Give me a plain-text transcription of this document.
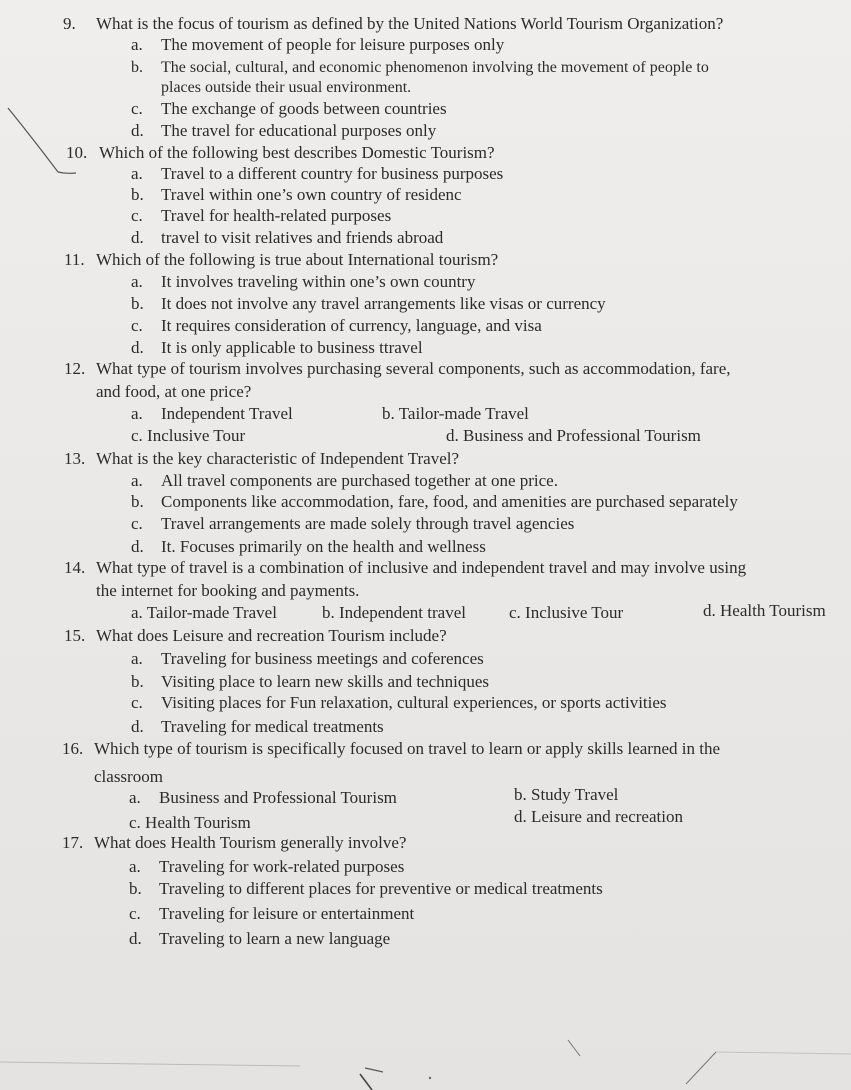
9. What is the focus of tourism as defined by the United Nations World Tourism Organization?
a. The movement of people for leisure purposes only
b. The social, cultural, and economic phenomenon involving the movement of people to
places outside their usual environment.
c. The exchange of goods between countries
d. The travel for educational purposes only
10. Which of the following best describes Domestic Tourism?
a. Travel to a different country for business purposes
b. Travel within one’s own country of residenc
c. Travel for health-related purposes
d. travel to visit relatives and friends abroad
11. Which of the following is true about International tourism?
a. It involves traveling within one’s own country
b. It does not involve any travel arrangements like visas or currency
c. It requires consideration of currency, language, and visa
d. It is only applicable to business ttravel
12. What type of tourism involves purchasing several components, such as accommodation, fare,
and food, at one price?
a. Independent Travel	b. Tailor-made Travel
c. Inclusive Tour	d. Business and Professional Tourism
13. What is the key characteristic of Independent Travel?
a. All travel components are purchased together at one price.
b. Components like accommodation, fare, food, and amenities are purchased separately
c. Travel arrangements are made solely through travel agencies
d. It. Focuses primarily on the health and wellness
14. What type of travel is a combination of inclusive and independent travel and may involve using
the internet for booking and payments.
a. Tailor-made Travel	b. Independent travel	c. Inclusive Tour	d. Health Tourism
15. What does Leisure and recreation Tourism include?
a. Traveling for business meetings and coferences
b. Visiting place to learn new skills and techniques
c. Visiting places for Fun relaxation, cultural experiences, or sports activities
d. Traveling for medical treatments
16. Which type of tourism is specifically focused on travel to learn or apply skills learned in the
classroom
a. Business and Professional Tourism	b. Study Travel
c. Health Tourism	d. Leisure and recreation
17. What does Health Tourism generally involve?
a. Traveling for work-related purposes
b. Traveling to different places for preventive or medical treatments
c. Traveling for leisure or entertainment
d. Traveling to learn a new language
